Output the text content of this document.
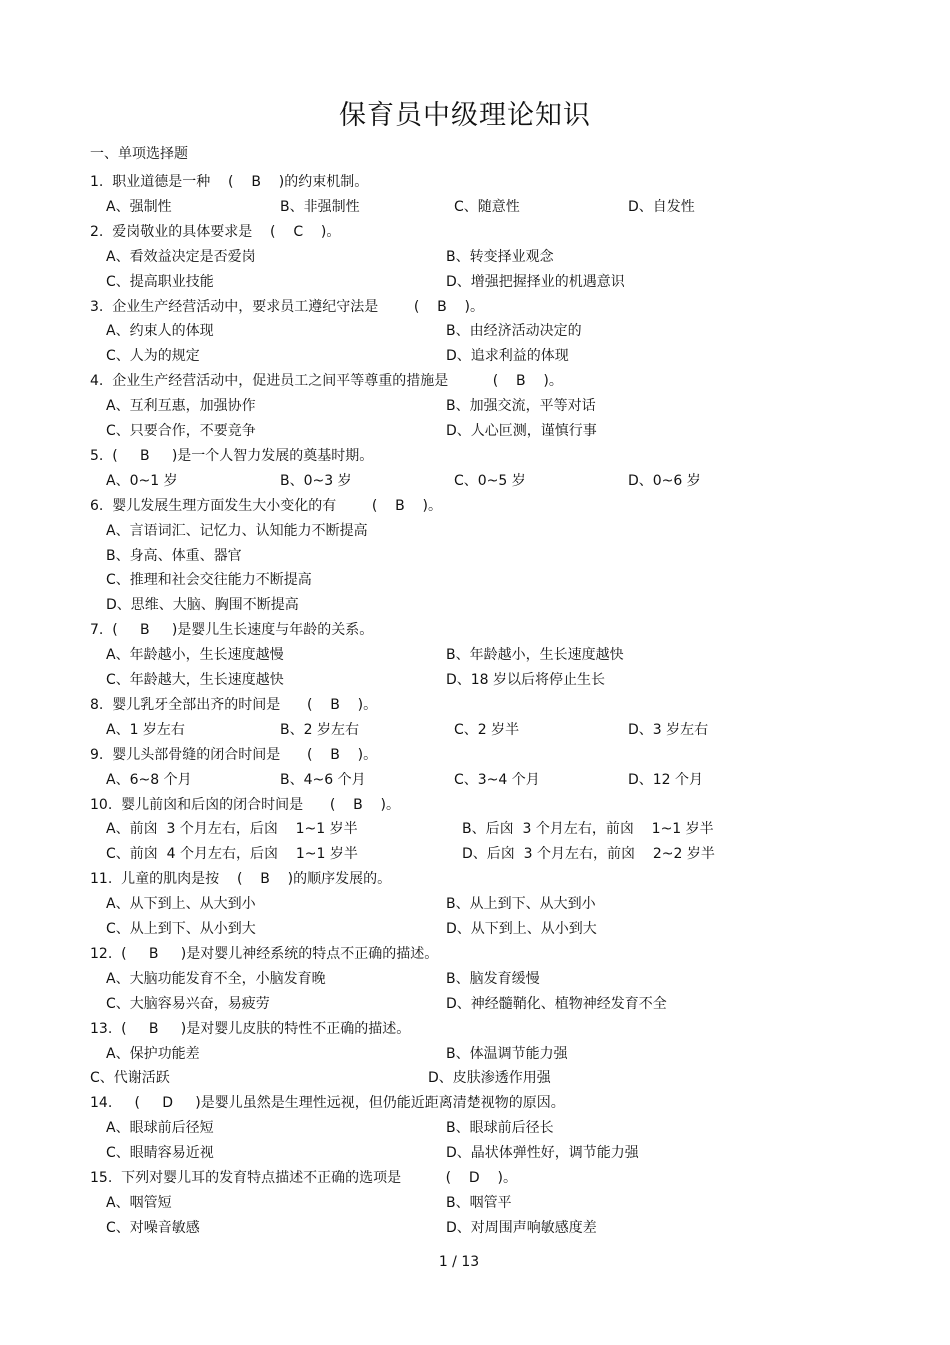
保育员中级理论知识
一、单项选择题
1.  职业道德是一种    (    B    )的约束机制。
A、强制性	B、非强制性	C、随意性	D、自发性
2.  爱岗敬业的具体要求是    (    C    )。
A、看效益决定是否爱岗	B、转变择业观念
C、提高职业技能	D、增强把握择业的机遇意识
3.  企业生产经营活动中，要求员工遵纪守法是        (    B    )。
A、约束人的体现	B、由经济活动决定的
C、人为的规定	D、追求利益的体现
4.  企业生产经营活动中，促进员工之间平等尊重的措施是          (    B    )。
A、互利互惠，加强协作	B、加强交流，平等对话
C、只要合作，不要竞争	D、人心叵测，谨慎行事
5.  (     B     )是一个人智力发展的奠基时期。
A、0~1 岁	B、0~3 岁	C、0~5 岁	D、0~6 岁
6.  婴儿发展生理方面发生大小变化的有        (    B    )。
A、言语词汇、记忆力、认知能力不断提高
B、身高、体重、器官
C、推理和社会交往能力不断提高
D、思维、大脑、胸围不断提高
7.  (     B     )是婴儿生长速度与年龄的关系。
A、年龄越小，生长速度越慢	B、年龄越小，生长速度越快
C、年龄越大，生长速度越快	D、18 岁以后将停止生长
8.  婴儿乳牙全部出齐的时间是      (    B    )。
A、1 岁左右	B、2 岁左右	C、2 岁半	D、3 岁左右
9.  婴儿头部骨缝的闭合时间是      (    B    )。
A、6~8 个月	B、4~6 个月	C、3~4 个月	D、12 个月
10.  婴儿前囟和后囟的闭合时间是      (    B    )。
A、前囟  3 个月左右，后囟    1~1 岁半	B、后囟  3 个月左右，前囟    1~1 岁半
C、前囟  4 个月左右，后囟    1~1 岁半	D、后囟  3 个月左右，前囟    2~2 岁半
11.  儿童的肌肉是按    (    B    )的顺序发展的。
A、从下到上、从大到小	B、从上到下、从大到小
C、从上到下、从小到大	D、从下到上、从小到大
12.  (     B     )是对婴儿神经系统的特点不正确的描述。
A、大脑功能发育不全，小脑发育晚	B、脑发育缓慢
C、大脑容易兴奋，易疲劳	D、神经髓鞘化、植物神经发育不全
13.  (     B     )是对婴儿皮肤的特性不正确的描述。
A、保护功能差	B、体温调节能力强
C、代谢活跃	D、皮肤渗透作用强
14.     (     D     )是婴儿虽然是生理性远视，但仍能近距离清楚视物的原因。
A、眼球前后径短	B、眼球前后径长
C、眼睛容易近视	D、晶状体弹性好，调节能力强
15.  下列对婴儿耳的发育特点描述不正确的选项是          (    D    )。
A、咽管短	B、咽管平
C、对噪音敏感	D、对周围声响敏感度差
1 / 13
